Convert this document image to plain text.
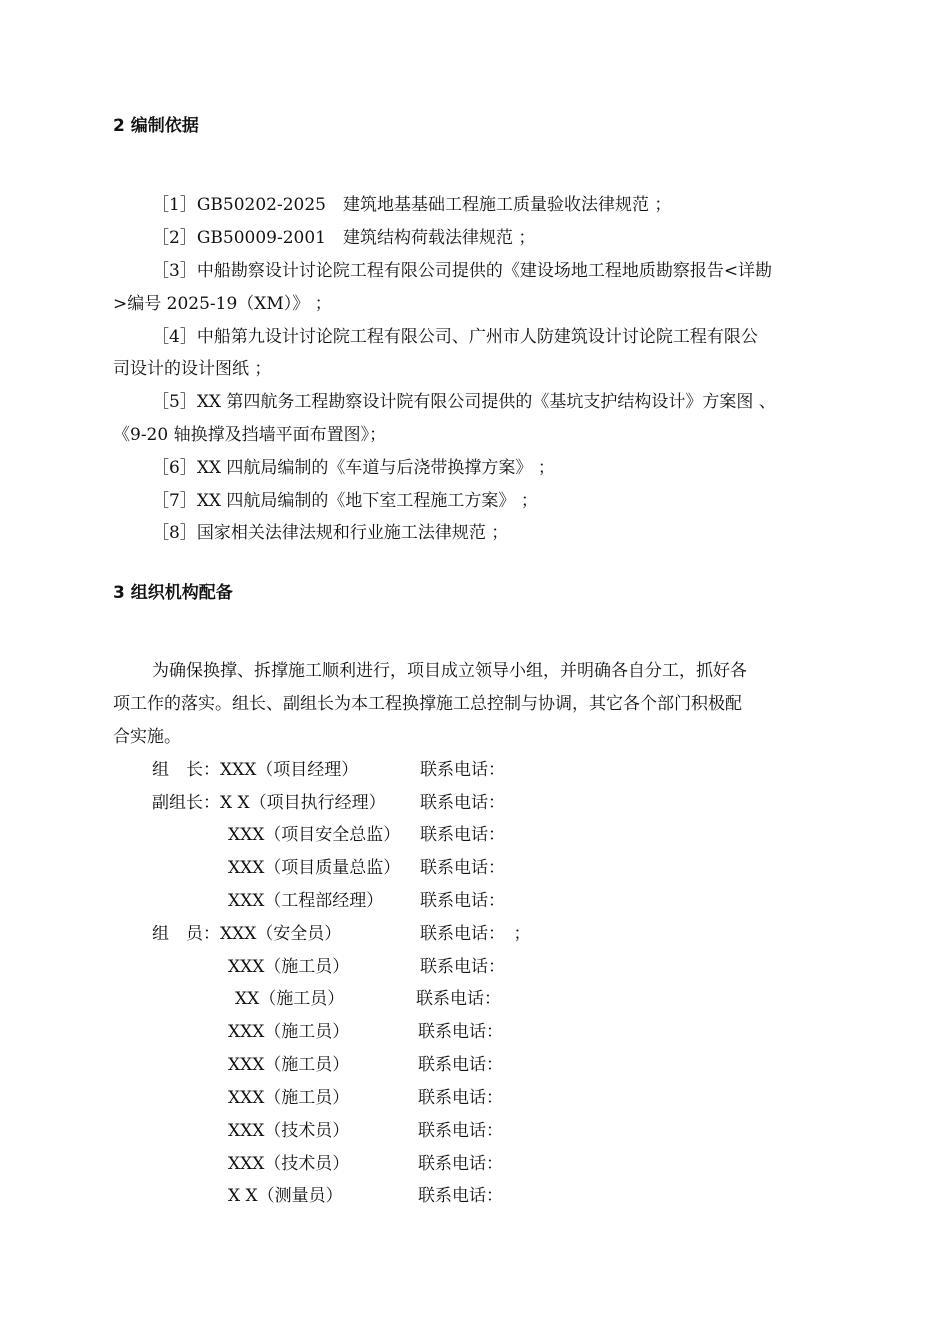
2 编制依据
［1］GB50202-2025　建筑地基基础工程施工质量验收法律规范 ；
［2］GB50009-2001　建筑结构荷载法律规范 ；
［3］中船勘察设计讨论院工程有限公司提供的《建设场地工程地质勘察报告<详勘
>编号 2025-19（XM）》 ；
［4］中船第九设计讨论院工程有限公司、广州市人防建筑设计讨论院工程有限公
司设计的设计图纸 ；
［5］XX 第四航务工程勘察设计院有限公司提供的《基坑支护结构设计》方案图 、
《9-20 轴换撑及挡墙平面布置图》；
［6］XX 四航局编制的《车道与后浇带换撑方案》 ；
［7］XX 四航局编制的《地下室工程施工方案》 ；
［8］国家相关法律法规和行业施工法律规范 ；
3 组织机构配备
为确保换撑、拆撑施工顺利进行，项目成立领导小组，并明确各自分工，抓好各
项工作的落实。组长、副组长为本工程换撑施工总控制与协调，其它各个部门积极配
合实施。
组　长：XXX（项目经理）	联系电话：
副组长：X X（项目执行经理） 联系电话：
XXX（项目安全总监） 联系电话：
XXX（项目质量总监） 联系电话：
XXX（工程部经理） 联系电话：
组　员：XXX（安全员）	联系电话：　；
XXX（施工员）	联系电话：
XX（施工员）	联系电话：
XXX（施工员）	联系电话：
XXX（施工员）	联系电话：
XXX（施工员）	联系电话：
XXX（技术员）	联系电话：
XXX（技术员）	联系电话：
X X（测量员）	联系电话：
